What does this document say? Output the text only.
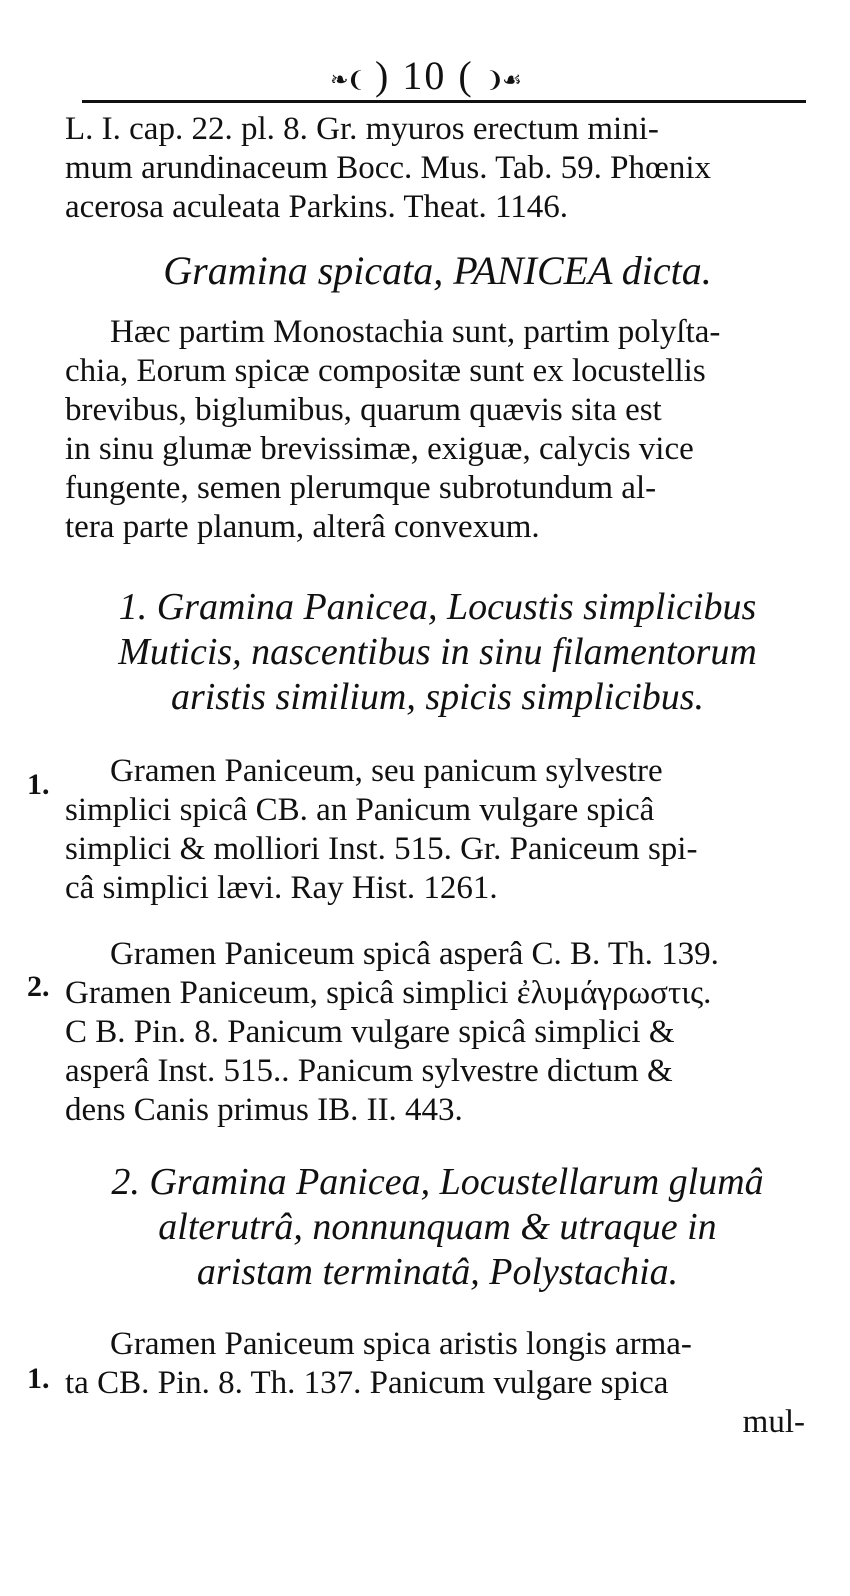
❧❨ ) 10 ( ❩☙
L. I. cap. 22. pl. 8. Gr. myuros erectum mini-
mum arundinaceum Bocc. Mus. Tab. 59. Phœnix
acerosa aculeata Parkins. Theat. 1146.
Gramina spicata, PANICEA dicta.
Hæc partim Monostachia sunt, partim polyſta-
chia, Eorum spicæ compositæ sunt ex locustellis
brevibus, biglumibus, quarum quævis sita est
in sinu glumæ brevissimæ, exiguæ, calycis vice
fungente, semen plerumque subrotundum al-
tera parte planum, alterâ convexum.
1. Gramina Panicea, Locustis simplicibus
Muticis, nascentibus in sinu filamentorum
aristis similium, spicis simplicibus.
1.	Gramen Paniceum, seu panicum sylvestre
simplici spicâ CB. an Panicum vulgare spicâ
simplici & molliori Inst. 515. Gr. Paniceum spi-
câ simplici lævi. Ray Hist. 1261.
2.
Gramen Paniceum spicâ asperâ C. B. Th. 139.
Gramen Paniceum, spicâ simplici ἐλυμάγρωστις.
C B. Pin. 8. Panicum vulgare spicâ simplici &
asperâ Inst. 515.. Panicum sylvestre dictum &
dens Canis primus IB. II. 443.
2. Gramina Panicea, Locustellarum glumâ
alterutrâ, nonnunquam & utraque in
aristam terminatâ, Polystachia.
1.
Gramen Paniceum spica aristis longis arma-
ta CB. Pin. 8. Th. 137. Panicum vulgare spica
mul-
